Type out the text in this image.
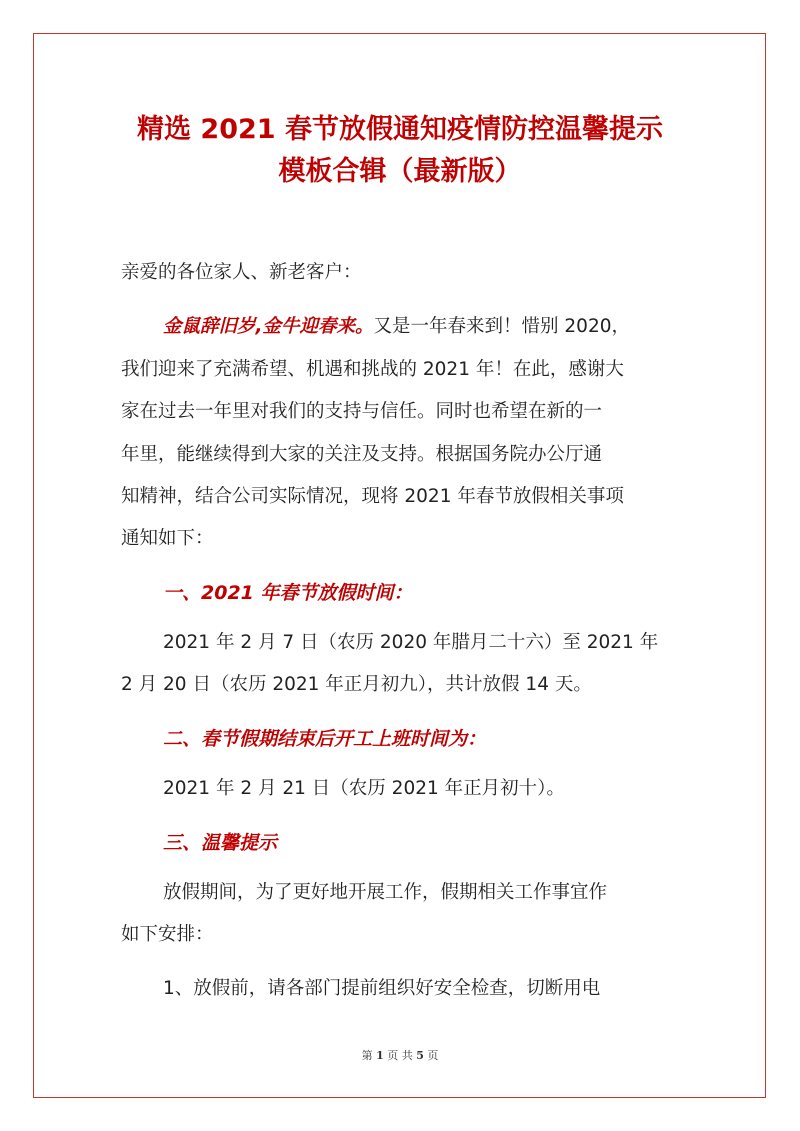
精选 2021 春节放假通知疫情防控温馨提示
模板合辑（最新版）
亲爱的各位家人、新老客户：
金鼠辞旧岁,金牛迎春来。又是一年春来到！惜别 2020，
我们迎来了充满希望、机遇和挑战的 2021 年！在此，感谢大
家在过去一年里对我们的支持与信任。同时也希望在新的一
年里，能继续得到大家的关注及支持。根据国务院办公厅通
知精神，结合公司实际情况，现将 2021 年春节放假相关事项
通知如下：
一、2021 年春节放假时间：
2021 年 2 月 7 日（农历 2020 年腊月二十六）至 2021 年
2 月 20 日（农历 2021 年正月初九），共计放假 14 天。
二、春节假期结束后开工上班时间为：
2021 年 2 月 21 日（农历 2021 年正月初十）。
三、温馨提示
放假期间，为了更好地开展工作，假期相关工作事宜作
如下安排：
1、放假前，请各部门提前组织好安全检查，切断用电
第 1 页 共 5 页
